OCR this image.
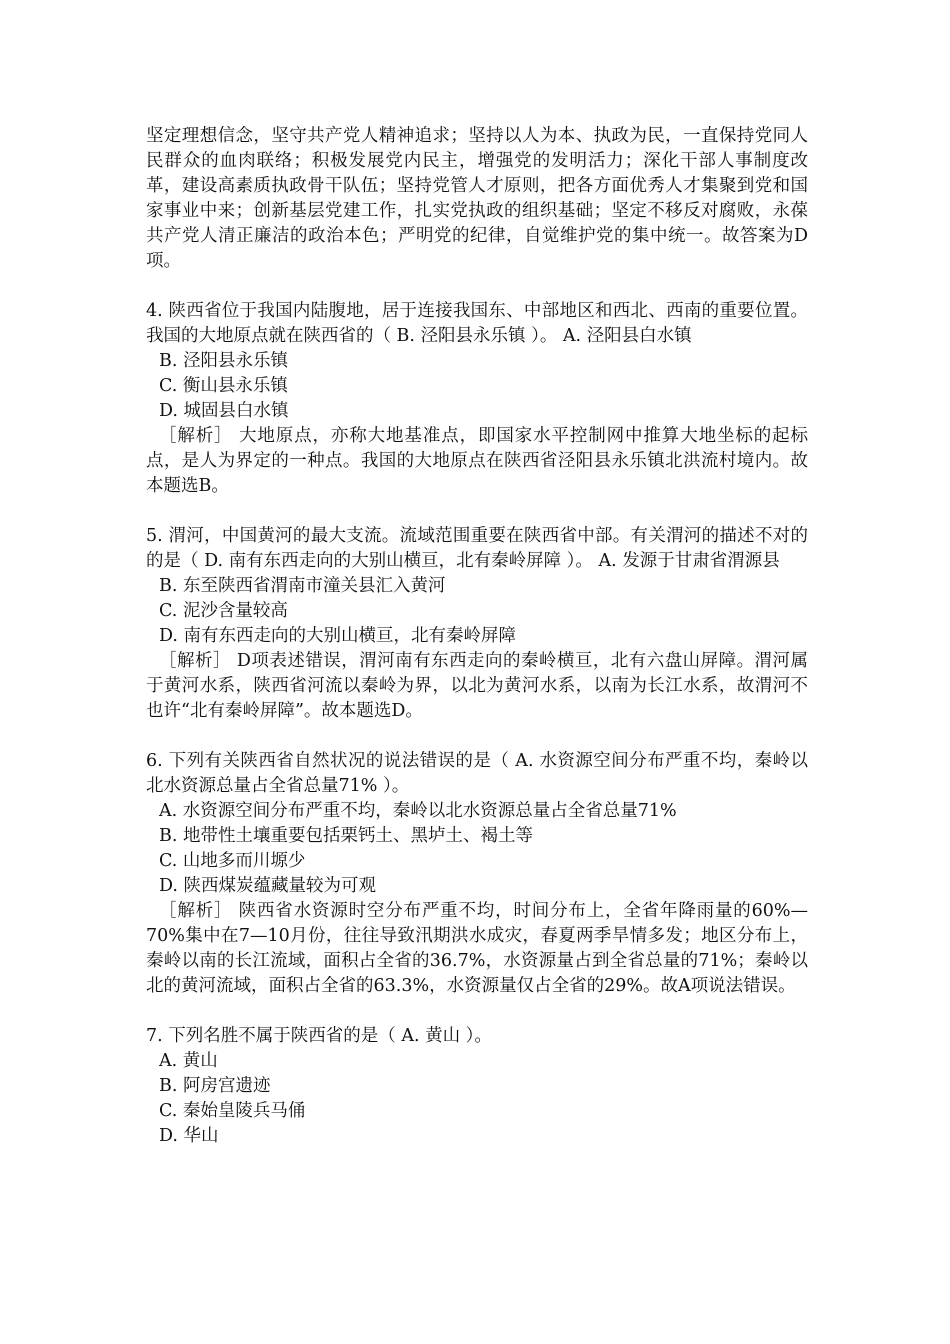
坚定理想信念，坚守共产党人精神追求；坚持以人为本、执政为民，一直保持党同人民群众的血肉联络；积极发展党内民主，增强党的发明活力；深化干部人事制度改革，建设高素质执政骨干队伍；坚持党管人才原则，把各方面优秀人才集聚到党和国家事业中来；创新基层党建工作，扎实党执政的组织基础；坚定不移反对腐败，永葆共产党人清正廉洁的政治本色；严明党的纪律，自觉维护党的集中统一。故答案为D项。

4. 陕西省位于我国内陆腹地，居于连接我国东、中部地区和西北、西南的重要位置。我国的大地原点就在陕西省的（ B. 泾阳县永乐镇 ）。 A. 泾阳县白水镇

B. 泾阳县永乐镇

C. 衡山县永乐镇

D. 城固县白水镇

［解析］ 大地原点，亦称大地基准点，即国家水平控制网中推算大地坐标的起标点，是人为界定的一种点。我国的大地原点在陕西省泾阳县永乐镇北洪流村境内。故本题选B。

5. 渭河，中国黄河的最大支流。流域范围重要在陕西省中部。有关渭河的描述不对的的是（ D. 南有东西走向的大别山横亘，北有秦岭屏障 ）。 A. 发源于甘肃省渭源县

B. 东至陕西省渭南市潼关县汇入黄河

C. 泥沙含量较高

D. 南有东西走向的大别山横亘，北有秦岭屏障

［解析］ D项表述错误，渭河南有东西走向的秦岭横亘，北有六盘山屏障。渭河属于黄河水系，陕西省河流以秦岭为界，以北为黄河水系，以南为长江水系，故渭河不也许“北有秦岭屏障”。故本题选D。

6. 下列有关陕西省自然状况的说法错误的是（ A. 水资源空间分布严重不均，秦岭以北水资源总量占全省总量71% ）。

A. 水资源空间分布严重不均，秦岭以北水资源总量占全省总量71%

B. 地带性土壤重要包括栗钙土、黑垆土、褐土等

C. 山地多而川塬少

D. 陕西煤炭蕴藏量较为可观

［解析］ 陕西省水资源时空分布严重不均，时间分布上，全省年降雨量的60%—70%集中在7—10月份，往往导致汛期洪水成灾，春夏两季旱情多发；地区分布上，秦岭以南的长江流域，面积占全省的36.7%，水资源量占到全省总量的71%；秦岭以北的黄河流域，面积占全省的63.3%，水资源量仅占全省的29%。故A项说法错误。

7. 下列名胜不属于陕西省的是（ A. 黄山 ）。

A. 黄山

B. 阿房宫遗迹

C. 秦始皇陵兵马俑

D. 华山
